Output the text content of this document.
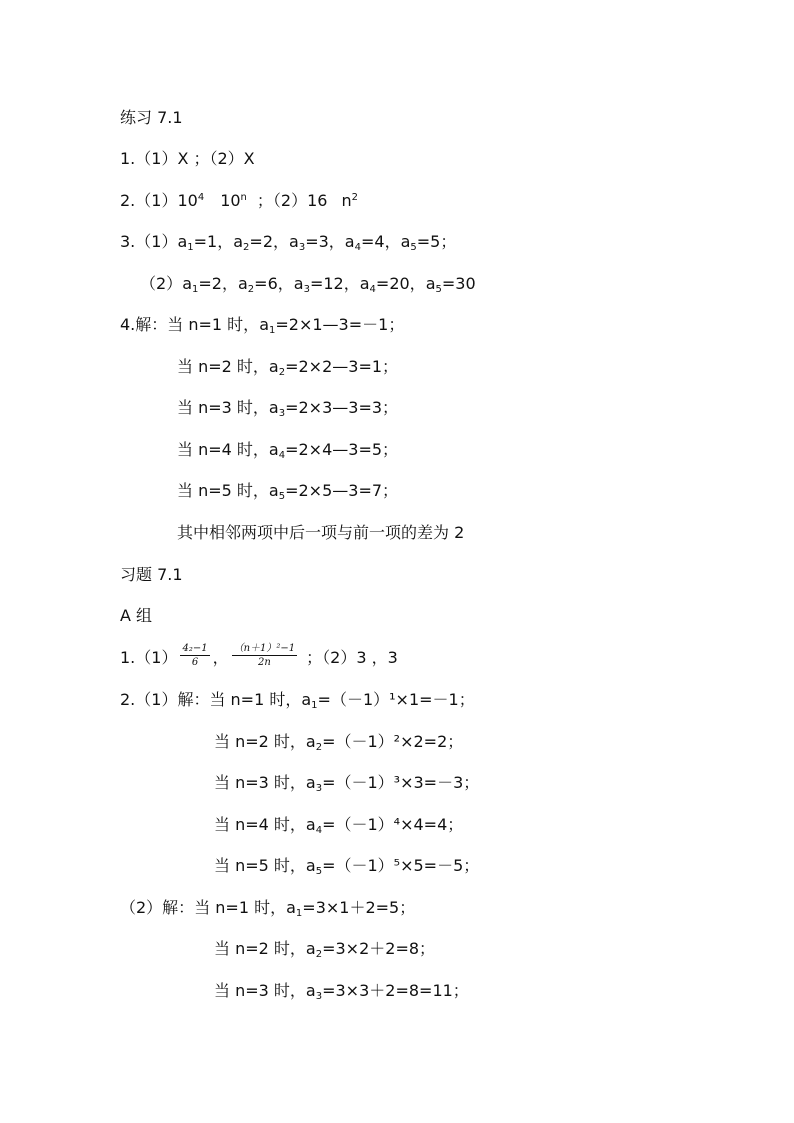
练习 7.1
1.（1）X ；（2）X
$2.(1)10^4$ 10$^n$ ；（2）16 $n^2$
$3.(1)a_1=1$，$a_2=2$，$a_3=3$，$a_4=4$，$a_5=5$；
$(2)a_1=2$，$a_2=6$，$a_3=12$，$a_4=20$，$a_5=30$
4.解：当 n=1 时，$a_1=2\times 1—3=-1$；
当 n=2 时，$a_2=2\times 2—3=1$；
当 n=3 时，$a_3=2\times 3—3=3$；
当 n=4 时，$a_4=2\times 4—3=5$；
当 n=5 时，$a_5=2\times 5—3=7$；
其中相邻两项中后一项与前一项的差为 2
习题 7.1
A 组
$1.(1) \frac{\text{4₂−1}}{6}$ ， $\frac{\text{（n＋1）²−1}}{2n}$ ；（2）3 ，3
2.（1）解：当 n=1 时，$a_1=(-1)^1\times 1=-1$；
当 n=2 时，$a_2=(-1)^2\times 2=2$；
当 n=3 时，$a_3=(-1)^3\times 3=-3$；
当 n=4 时，$a_4=(-1)^4\times 4=4$；
当 n=5 时，$a_5=(-1)^5\times 5=-5$；
（2）解：当 n=1 时，$a_1=3\times 1+2=5$；
当 n=2 时，$a_2=3\times 2+2=8$；
当 n=3 时，$a_3=3\times 3+2=8=11$；
